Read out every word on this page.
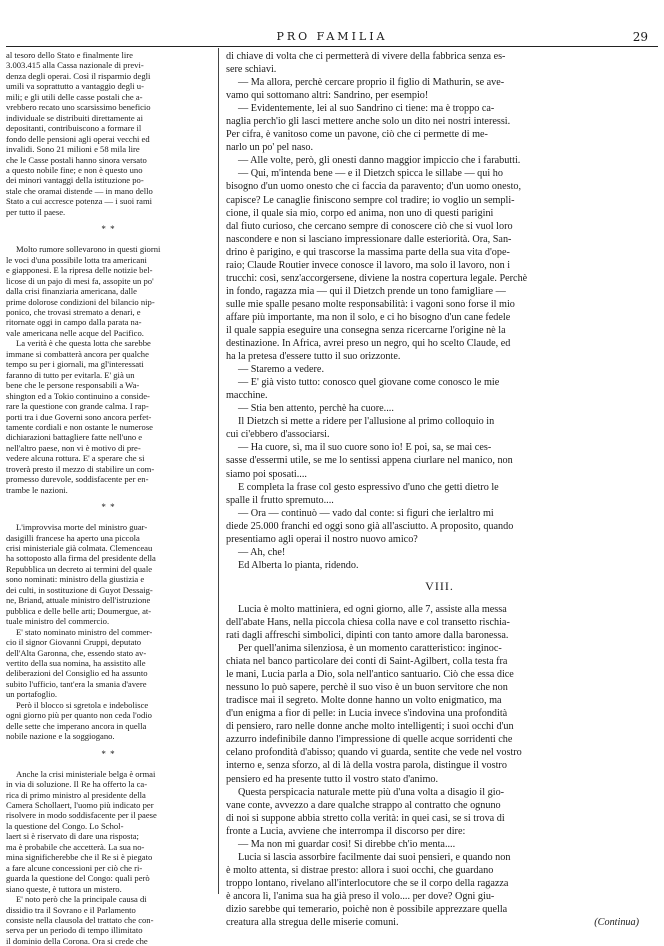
PRO FAMILIA	29

al tesoro dello Stato e finalmente lire
3.003.415 alla Cassa nazionale di previ-
denza degli operai. Così il risparmio degli
umili va soprattutto a vantaggio degli u-
mili; e gli utili delle casse postali che a-
vrebbero recato uno scarsissimo beneficio
individuale se distribuiti direttamente ai
depositanti, contribuiscono a formare il
fondo delle pensioni agli operai vecchi ed
invalidi. Sono 21 milioni e 58 mila lire
che le Casse postali hanno sinora versato
a questo nobile fine; e non è questo uno
dei minori vantaggi della istituzione po-
stale che oramai distende — in mano dello
Stato a cui accresce potenza — i suoi rami
per tutto il paese.

* *

Molto rumore sollevarono in questi giorni
le voci d'una possibile lotta tra americani
e giapponesi. E la ripresa delle notizie bel-
licose di un pajo di mesi fa, assopite un po'
dalla crisi finanziaria americana, dalle
prime dolorose condizioni del bilancio nip-
ponico, che trovasi stremato a denari, e
ritornate oggi in campo dalla parata na-
vale americana nelle acque del Pacifico.

La verità è che questa lotta che sarebbe
immane si combatterà ancora per qualche
tempo su per i giornali, ma gl'interessati
faranno di tutto per evitarla. E' già un
bene che le persone responsabili a Wa-
shington ed a Tokio continuino a conside-
rare la questione con grande calma. I rap-
porti tra i due Governi sono ancora perfet-
tamente cordiali e non ostante le numerose
dichiarazioni battagliere fatte nell'uno e
nell'altro paese, non vi è motivo di pre-
vedere alcuna rottura. E' a sperare che si
troverà presto il mezzo di stabilire un com-
promesso durevole, soddisfacente per en-
trambe le nazioni.

* *

L'improvvisa morte del ministro guar-
dasigilli francese ha aperto una piccola
crisi ministeriale già colmata. Clemenceau
ha sottoposto alla firma del presidente della
Repubblica un decreto ai termini del quale
sono nominati: ministro della giustizia e
dei culti, in sostituzione di Guyot Dessaig-
ne, Briand, attuale ministro dell'istruzione
pubblica e delle belle arti; Doumergue, at-
tuale ministro del commercio.

E' stato nominato ministro del commer-
cio il signor Giovanni Cruppi, deputato
dell'Alta Garonna, che, essendo stato av-
vertito della sua nomina, ha assistito alle
deliberazioni del Consiglio ed ha assunto
subito l'ufficio, tant'era la smania d'avere
un portafoglio.

Però il blocco si sgretola e indebolisce
ogni giorno più per quanto non ceda l'odio
delle sette che imperano ancora in quella
nobile nazione e la soggiogano.

* *

Anche la crisi ministeriale belga è ormai
in via di soluzione. Il Re ha offerto la ca-
rica di primo ministro al presidente della
Camera Schollaert, l'uomo più indicato per
risolvere in modo soddisfacente per il paese
la questione del Congo. Lo Schol-
laert si è riservato di dare una risposta;
ma è probabile che accetterà. La sua no-
mina significherebbe che il Re si è piegato
a fare alcune concessioni per ciò che ri-
guarda la questione del Congo: quali però
siano queste, è tuttora un mistero.

E' noto però che la principale causa di
dissidio tra il Sovrano e il Parlamento
consiste nella clausola del trattato che con-
serva per un periodo di tempo illimitato
il dominio della Corona. Ora si crede che

di chiave di volta che ci permetterà di vivere della fabbrica senza es-
sere schiavi.

— Ma allora, perchè cercare proprio il figlio di Mathurin, se ave-
vamo qui sottomano altri: Sandrino, per esempio!

— Evidentemente, lei al suo Sandrino ci tiene: ma è troppo ca-
naglia perch'io gli lasci mettere anche solo un dito nei nostri interessi.
Per cifra, è vanitoso come un pavone, ciò che ci permette di me-
narlo un po' pel naso.

— Alle volte, però, gli onesti danno maggior impiccio che i farabutti.

— Qui, m'intenda bene — e il Dietzch spicca le sillabe — qui ho
bisogno d'un uomo onesto che ci faccia da paravento; d'un uomo onesto,
capisce? Le canaglie finiscono sempre col tradire; io voglio un sempli-
cione, il quale sia mio, corpo ed anima, non uno di questi parigini
dal fiuto curioso, che cercano sempre di conoscere ciò che si vuol loro
nascondere e non si lasciano impressionare dalle esteriorità. Ora, San-
drino è parigino, e qui trascorse la massima parte della sua vita d'ope-
raio; Claude Routier invece conosce il lavoro, ma solo il lavoro, non i
trucchi: così, senz'accorgersene, diviene la nostra copertura legale. Perchè
in fondo, ragazza mia — qui il Dietzch prende un tono famigliare —
sulle mie spalle pesano molte responsabilità: i vagoni sono forse il mio
affare più importante, ma non il solo, e ci ho bisogno d'un cane fedele
il quale sappia eseguire una consegna senza ricercarne l'origine nè la
destinazione. In Africa, avrei preso un negro, qui ho scelto Claude, ed
ha la pretesa d'essere tutto il suo orizzonte.

— Staremo a vedere.

— E' già visto tutto: conosco quel giovane come conosco le mie
macchine.

— Stia ben attento, perchè ha cuore....

Il Dietzch si mette a ridere per l'allusione al primo colloquio in
cui ci'ebbero d'associarsi.

— Ha cuore, sì, ma il suo cuore sono io! E poi, sa, se mai ces-
sasse d'essermi utile, se me lo sentissi appena ciurlare nel manico, non
siamo poi sposati....

E completa la frase col gesto espressivo d'uno che getti dietro le
spalle il frutto spremuto....

— Ora — continuò — vado dal conte: si figuri che ierlaltro mi
diede 25.000 franchi ed oggi sono già all'asciutto. A proposito, quando
presentiamo agli operai il nostro nuovo amico?

— Ah, che!

Ed Alberta lo pianta, ridendo.

VIII.

Lucia è molto mattiniera, ed ogni giorno, alle 7, assiste alla messa
dell'abate Hans, nella piccola chiesa colla nave e col transetto rischia-
rati dagli affreschi simbolici, dipinti con tanto amore dalla baronessa.

Per quell'anima silenziosa, è un momento caratteristico: inginoc-
chiata nel banco particolare dei conti di Saint-Agilbert, colla testa fra
le mani, Lucia parla a Dio, sola nell'antico santuario. Ciò che essa dice
nessuno lo può sapere, perchè il suo viso è un buon servitore che non
tradisce mai il segreto. Molte donne hanno un volto enigmatico, ma
d'un enigma a fior di pelle: in Lucia invece s'indovina una profondità
di pensiero, raro nelle donne anche molto intelligenti; i suoi occhi d'un
azzurro indefinibile danno l'impressione di quelle acque sorridenti che
celano profondità d'abisso; quando vi guarda, sentite che vede nel vostro
interno e, senza sforzo, al di là della vostra parola, distingue il vostro
pensiero ed ha presente tutto il vostro stato d'animo.

Questa perspicacia naturale mette più d'una volta a disagio il gio-
vane conte, avvezzo a dare qualche strappo al contratto che ognuno
di noi si suppone abbia stretto colla verità: in quei casi, se si trova di
fronte a Lucia, avviene che interrompa il discorso per dire:

— Ma non mi guardar così! Si direbbe ch'io menta....

Lucia si lascia assorbire facilmente dai suoi pensieri, e quando non
è molto attenta, si distrae presto: allora i suoi occhi, che guardano
troppo lontano, rivelano all'interlocutore che se il corpo della ragazza
è ancora lì, l'anima sua ha già preso il volo.... per dove? Ogni giu-
dizio sarebbe qui temerario, poichè non è possibile apprezzare quella
creatura alla stregua delle miserie comuni.	(Continua)
